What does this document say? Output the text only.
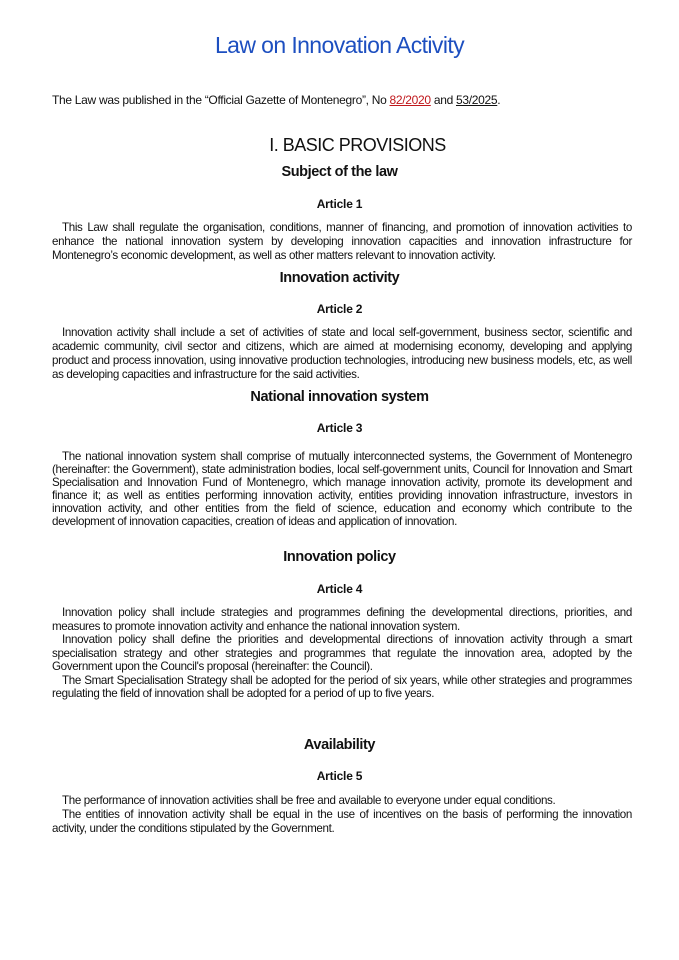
Law on Innovation Activity
The Law was published in the “Official Gazette of Montenegro”, No 82/2020 and 53/2025.
I. BASIC PROVISIONS
Subject of the law
Article 1

This Law shall regulate the organisation, conditions, manner of financing, and promotion of innovation activities to enhance the national innovation system by developing innovation capacities and innovation infrastructure for Montenegro’s economic development, as well as other matters relevant to innovation activity.

Innovation activity
Article 2

Innovation activity shall include a set of activities of state and local self-government, business sector, scientific and academic community, civil sector and citizens, which are aimed at modernising economy, developing and applying product and process innovation, using innovative production technologies, introducing new business models, etc, as well as developing capacities and infrastructure for the said activities.

National innovation system
Article 3

The national innovation system shall comprise of mutually interconnected systems, the Government of Montenegro (hereinafter: the Government), state administration bodies, local self-government units, Council for Innovation and Smart Specialisation and Innovation Fund of Montenegro, which manage innovation activity, promote its development and finance it; as well as entities performing innovation activity, entities providing innovation infrastructure, investors in innovation activity, and other entities from the field of science, education and economy which contribute to the development of innovation capacities, creation of ideas and application of innovation.

Innovation policy
Article 4

Innovation policy shall include strategies and programmes defining the developmental directions, priorities, and measures to promote innovation activity and enhance the national innovation system.

Innovation policy shall define the priorities and developmental directions of innovation activity through a smart specialisation strategy and other strategies and programmes that regulate the innovation area, adopted by the Government upon the Council's proposal (hereinafter: the Council).

The Smart Specialisation Strategy shall be adopted for the period of six years, while other strategies and programmes regulating the field of innovation shall be adopted for a period of up to five years.

Availability
Article 5

The performance of innovation activities shall be free and available to everyone under equal conditions.

The entities of innovation activity shall be equal in the use of incentives on the basis of performing the innovation activity, under the conditions stipulated by the Government.
